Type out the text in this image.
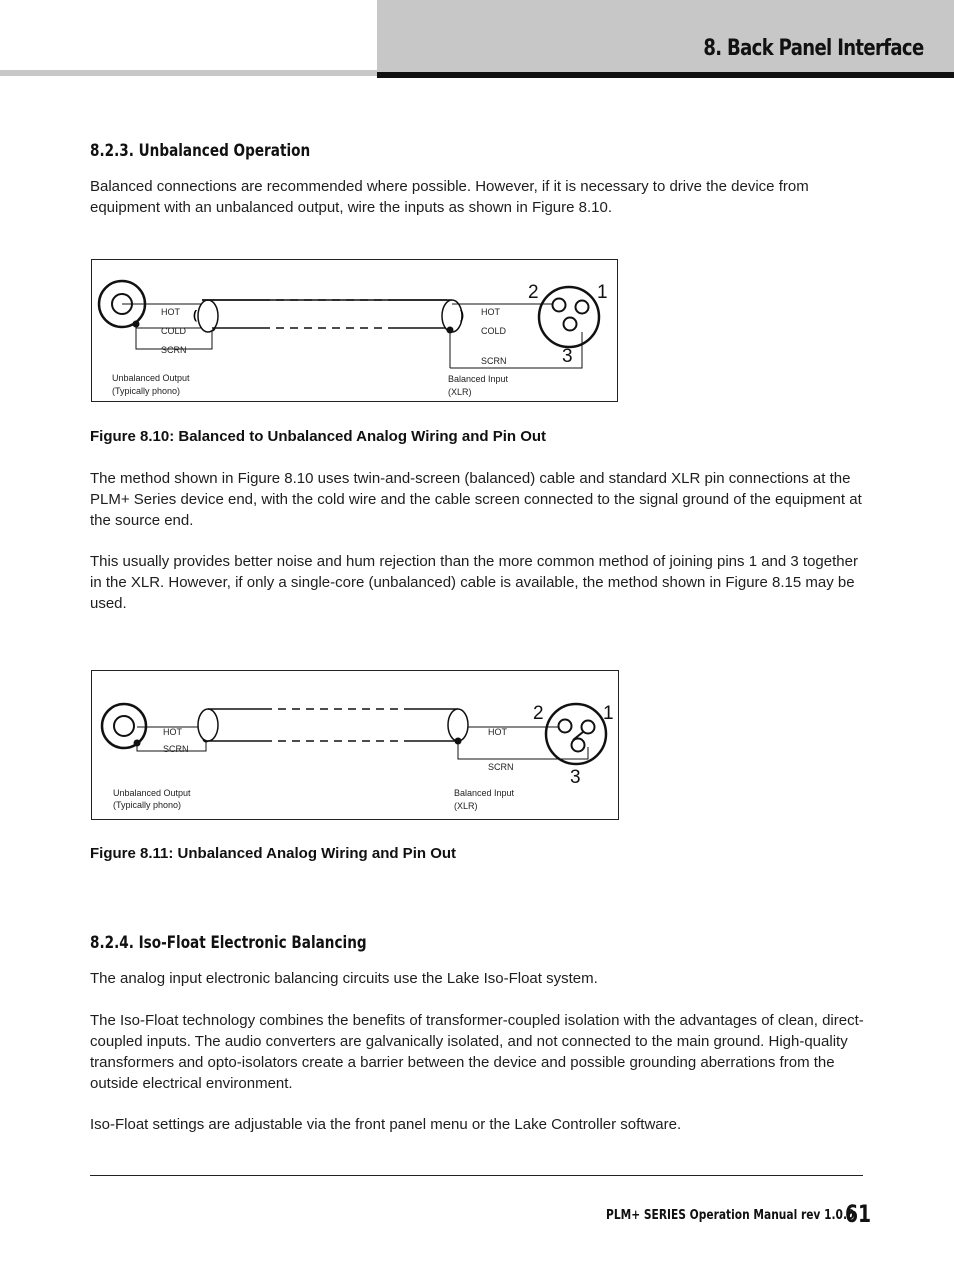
8. Back Panel Interface
8.2.3. Unbalanced Operation

Balanced connections are recommended where possible. However, if it is necessary to drive the device from equipment with an unbalanced output, wire the inputs as shown in Figure 8.10.

(	)
HOT
COLD
SCRN
HOT
COLD
SCRN
Unbalanced Output
(Typically phono)
Balanced Input
(XLR)
2	1
3
Figure 8.10: Balanced to Unbalanced Analog Wiring and Pin Out

The method shown in Figure 8.10 uses twin-and-screen (balanced) cable and standard XLR pin connections at the PLM+ Series device end, with the cold wire and the cable screen connected to the signal ground of the equipment at the source end.

This usually provides better noise and hum rejection than the more common method of joining pins 1 and 3 together in the XLR. However, if only a single-core (unbalanced) cable is available, the method shown in Figure 8.15 may be used.

HOT
SCRN
HOT
SCRN
Unbalanced Output
(Typically phono)
Balanced Input
(XLR)
2	1
3
Figure 8.11: Unbalanced Analog Wiring and Pin Out
8.2.4. Iso-Float Electronic Balancing

The analog input electronic balancing circuits use the Lake Iso-Float system.

The Iso-Float technology combines the benefits of transformer-coupled isolation with the advantages of clean, direct-coupled inputs. The audio converters are galvanically isolated, and not connected to the main ground. High-quality transformers and opto-isolators create a barrier between the device and possible grounding aberrations from the outside electrical environment.

Iso-Float settings are adjustable via the front panel menu or the Lake Controller software.

PLM+ SERIES Operation Manual rev 1.0.0
61
